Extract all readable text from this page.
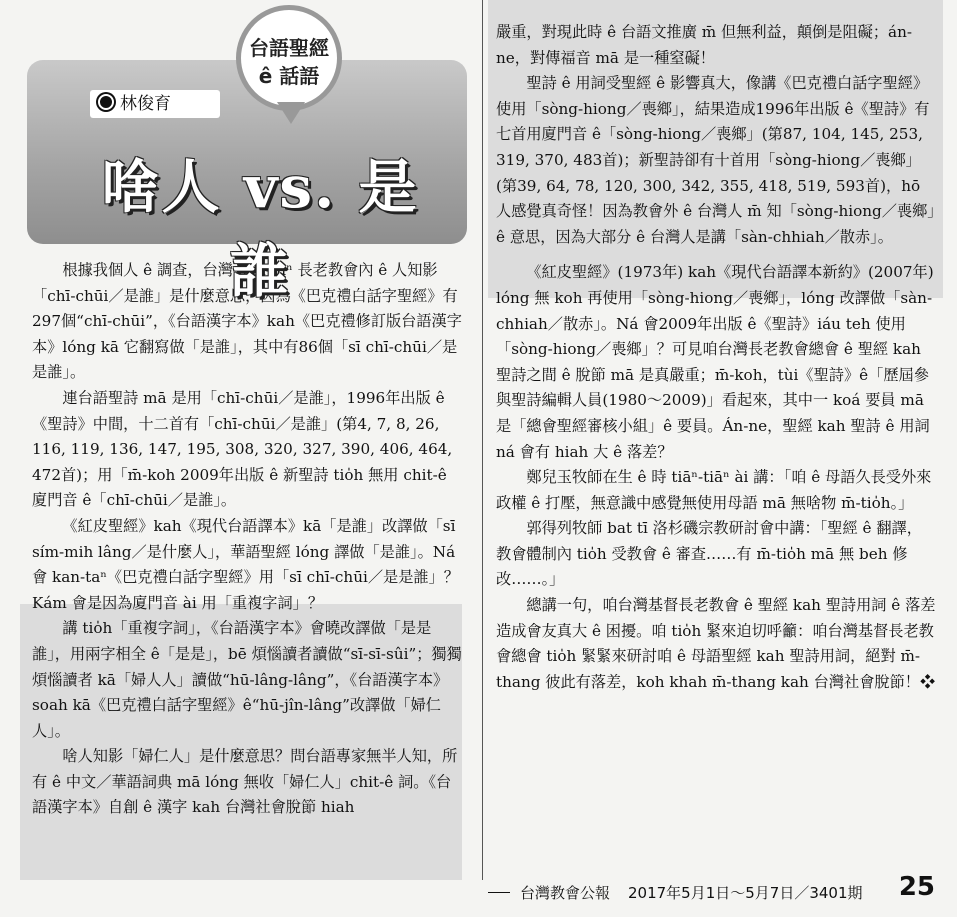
台語聖經
ê 話語
林俊育
啥人 vs. 是誰

根據我個人 ê 調查，台灣 kan-taⁿ 長老教會內 ê 人知影「chī-chūi／是誰」是什麼意思，因為《巴克禮白話字聖經》有297個“chī-chūi”，《台語漢字本》kah《巴克禮修訂版台語漢字本》lóng kā 它翻寫做「是誰」，其中有86個「sī chī-chūi／是是誰」。

連台語聖詩 mā 是用「chī-chūi／是誰」，1996年出版 ê《聖詩》中間，十二首有「chī-chūi／是誰」(第4, 7, 8, 26, 116, 119, 136, 147, 195, 308, 320, 327, 390, 406, 464, 472首)；用「m̄-koh 2009年出版 ê 新聖詩 tio̍h 無用 chit-ê 廈門音 ê「chī-chūi／是誰」。

《紅皮聖經》kah《現代台語譯本》kā「是誰」改譯做「sī sím-mih lâng／是什麼人」，華語聖經 lóng 譯做「是誰」。Ná 會 kan-taⁿ《巴克禮白話字聖經》用「sī chī-chūi／是是誰」？Kám 會是因為廈門音 ài 用「重複字詞」？

講 tio̍h「重複字詞」，《台語漢字本》會曉改譯做「是是誰」，用兩字相全 ê「是是」，bē 煩惱讀者讀做“sī-sī-sûi”；獨獨煩惱讀者 kā「婦人人」讀做“hū-lâng-lâng”，《台語漢字本》soah kā《巴克禮白話字聖經》ê“hū-jîn-lâng”改譯做「婦仁人」。

啥人知影「婦仁人」是什麼意思？問台語專家無半人知，所有 ê 中文／華語詞典 mā lóng 無收「婦仁人」chit-ê 詞。《台語漢字本》自創 ê 漢字 kah 台灣社會脫節 hiah

嚴重，對現此時 ê 台語文推廣 m̄ 但無利益，顛倒是阻礙；án-ne，對傳福音 mā 是一種窒礙！

聖詩 ê 用詞受聖經 ê 影響真大，像講《巴克禮白話字聖經》使用「sòng-hiong／喪鄉」，結果造成1996年出版 ê《聖詩》有七首用廈門音 ê「sòng-hiong／喪鄉」(第87, 104, 145, 253, 319, 370, 483首)；新聖詩卻有十首用「sòng-hiong／喪鄉」(第39, 64, 78, 120, 300, 342, 355, 418, 519, 593首)，hō 人感覺真奇怪！因為教會外 ê 台灣人 m̄ 知「sòng-hiong／喪鄉」ê 意思，因為大部分 ê 台灣人是講「sàn-chhiah／散赤」。

《紅皮聖經》(1973年) kah《現代台語譯本新約》(2007年) lóng 無 koh 再使用「sòng-hiong／喪鄉」，lóng 改譯做「sàn-chhiah／散赤」。Ná 會2009年出版 ê《聖詩》iáu teh 使用「sòng-hiong／喪鄉」？可見咱台灣長老教會總會 ê 聖經 kah 聖詩之間 ê 脫節 mā 是真嚴重；m̄-koh，tùi《聖詩》ê「歷屆參與聖詩編輯人員(1980～2009)」看起來，其中一 koá 要員 mā 是「總會聖經審核小組」ê 要員。Án-ne，聖經 kah 聖詩 ê 用詞 ná 會有 hiah 大 ê 落差？

鄭兒玉牧師在生 ê 時 tiāⁿ-tiāⁿ ài 講：「咱 ê 母語久長受外來政權 ê 打壓，無意識中感覺無使用母語 mā 無啥物 m̄-tio̍h。」

郭得列牧師 bat tī 洛杉磯宗教研討會中講：「聖經 ê 翻譯，教會體制內 tio̍h 受教會 ê 審查……有 m̄-tio̍h mā 無 beh 修改……。」

總講一句，咱台灣基督長老教會 ê 聖經 kah 聖詩用詞 ê 落差造成會友真大 ê 困擾。咱 tio̍h 緊來迫切呼籲：咱台灣基督長老教會總會 tio̍h 緊緊來研討咱 ê 母語聖經 kah 聖詩用詞，絕對 m̄-thang 彼此有落差，koh khah m̄-thang kah 台灣社會脫節！❖

台灣教會公報 2017年5月1日～5月7日／3401期 25
